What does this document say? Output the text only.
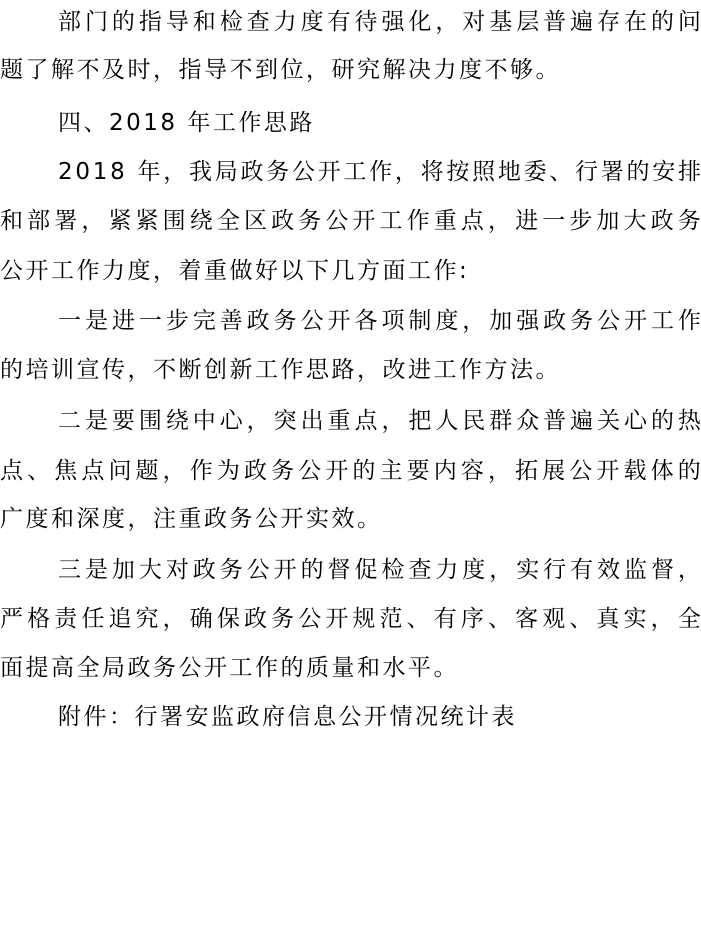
部 门 的 指 导 和 检 查 力 度 有 待 强 化 ， 对 基 层 普 遍 存 在 的 问
题了解不及时，指导不到位，研究解决力度不够。
四、2018 年工作思路
2 0 1 8
年 ， 我 局 政 务 公 开 工 作 ， 将 按 照 地 委 、 行 署 的 安 排
和 部 署 ， 紧 紧 围 绕 全 区 政 务 公 开 工 作 重 点 ， 进 一 步 加 大 政 务
公开工作力度，着重做好以下几方面工作:
一 是 进 一 步 完 善 政 务 公 开 各 项 制 度 ， 加 强 政 务 公 开 工 作
的培训宣传，不断创新工作思路，改进工作方法。
二 是 要 围 绕 中 心 ， 突 出 重 点 ， 把 人 民 群 众 普 遍 关 心 的 热
点 、 焦 点 问 题 ， 作 为 政 务 公 开 的 主 要 内 容 ， 拓 展 公 开 载 体 的
广度和深度，注重政务公开实效。
三 是 加 大 对 政 务 公 开 的 督 促 检 查 力 度 ， 实 行 有 效 监 督 ，
严 格 责 任 追 究 ， 确 保 政 务 公 开 规 范 、 有 序 、 客 观 、 真 实 ， 全
面提高全局政务公开工作的质量和水平。
附件：行署安监政府信息公开情况统计表
